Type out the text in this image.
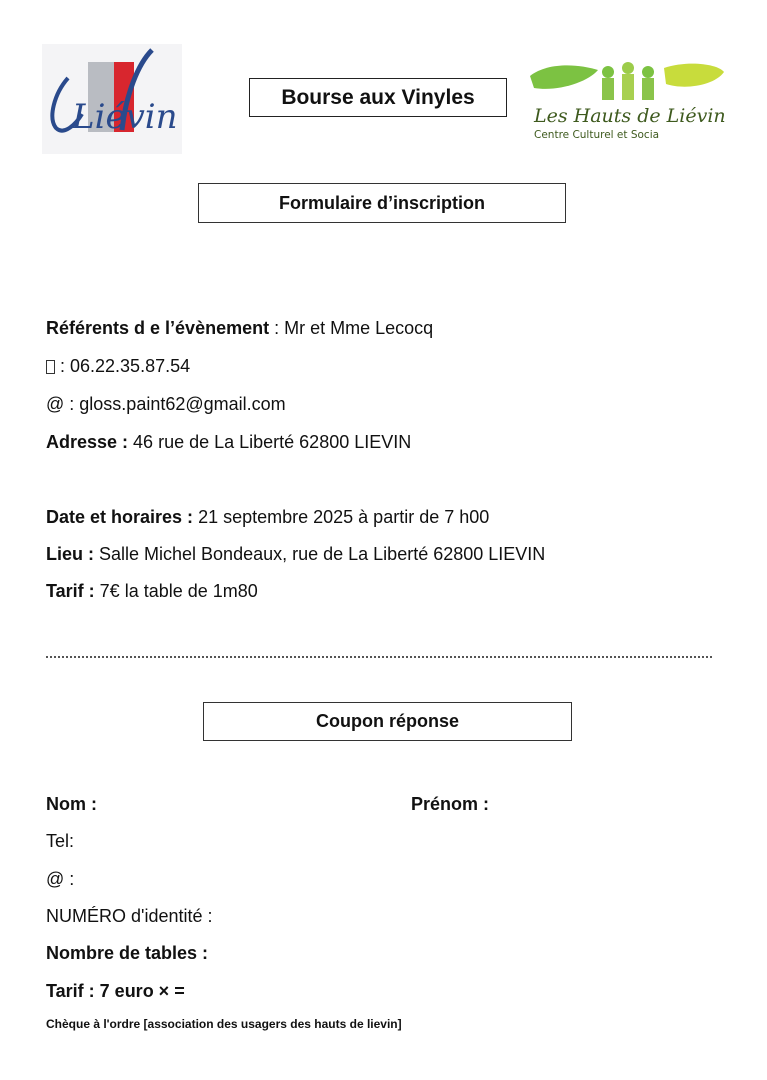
Liévin	Bourse aux Vinyles
Les Hauts de Liévin
Centre Culturel et Socia
Formulaire d’inscription
Référents d e l’évènement : Mr et Mme Lecocq
: 06.22.35.87.54
@ : gloss.paint62@gmail.com
Adresse : 46 rue de La Liberté 62800 LIEVIN
Date et horaires : 21 septembre 2025 à partir de 7 h00
Lieu : Salle Michel Bondeaux, rue de La Liberté 62800 LIEVIN
Tarif : 7€ la table de 1m80
Coupon réponse
Nom :	Prénom :
Tel:
@ :
NUMÉRO d'identité :
Nombre de tables :
Tarif : 7 euro × =
Chèque à l'ordre [association des usagers des hauts de lievin]
